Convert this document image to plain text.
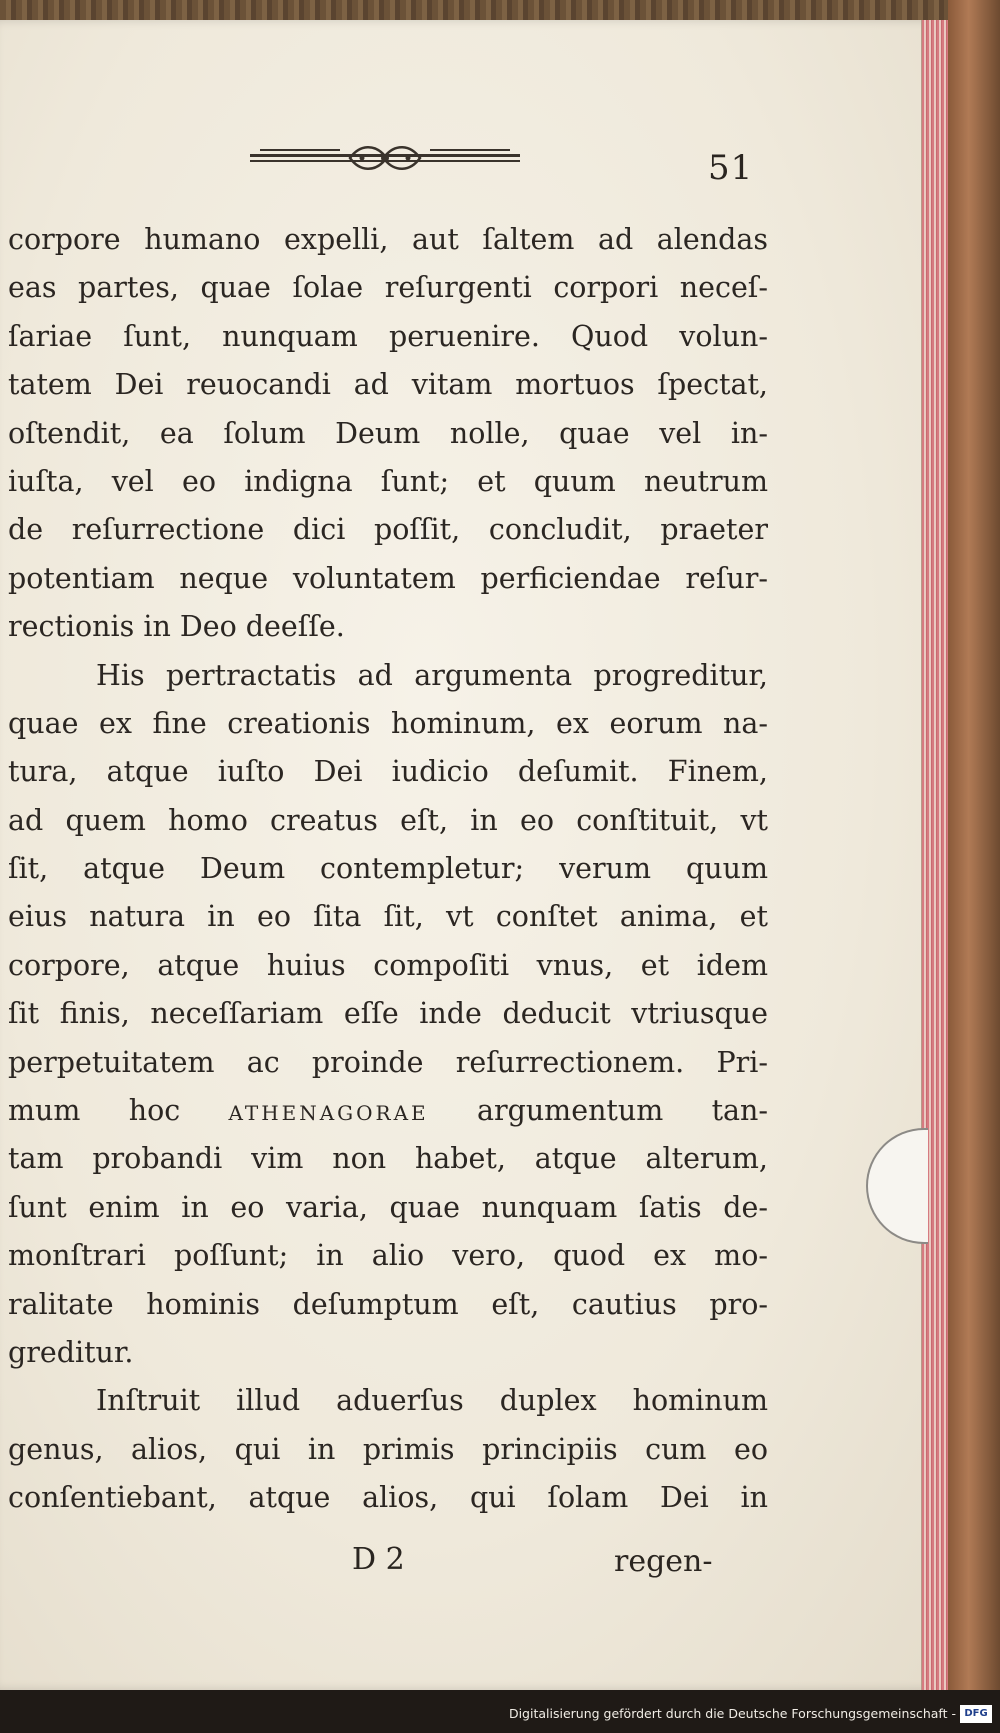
51
corpore humano expelli, aut ſaltem ad alendas
eas partes, quae ſolae reſurgenti corpori neceſ-
ſariae ſunt, nunquam peruenire. Quod volun-
tatem Dei reuocandi ad vitam mortuos ſpectat,
oſtendit, ea ſolum Deum nolle, quae vel in-
iuſta, vel eo indigna ſunt; et quum neutrum
de reſurrectione dici poſſit, concludit, praeter
potentiam neque voluntatem perficiendae reſur-
rectionis in Deo deeſſe.
His pertractatis ad argumenta progreditur,
quae ex fine creationis hominum, ex eorum na-
tura, atque iuſto Dei iudicio deſumit. Finem,
ad quem homo creatus eſt, in eo conſtituit, vt
ſit, atque Deum contempletur; verum quum
eius natura in eo ſita ſit, vt conſtet anima, et
corpore, atque huius compoſiti vnus, et idem
ſit finis, neceſſariam eſſe inde deducit vtriusque
perpetuitatem ac proinde reſurrectionem. Pri-
mum hoc athenagorae argumentum tan-
tam probandi vim non habet, atque alterum,
ſunt enim in eo varia, quae nunquam ſatis de-
monſtrari poſſunt; in alio vero, quod ex mo-
ralitate hominis deſumptum eſt, cautius pro-
greditur.
Inſtruit illud aduerſus duplex hominum
genus, alios, qui in primis principiis cum eo
conſentiebant, atque alios, qui ſolam Dei in
D 2	regen-
Digitalisierung gefördert durch die Deutsche Forschungsgemeinschaft - DFG
